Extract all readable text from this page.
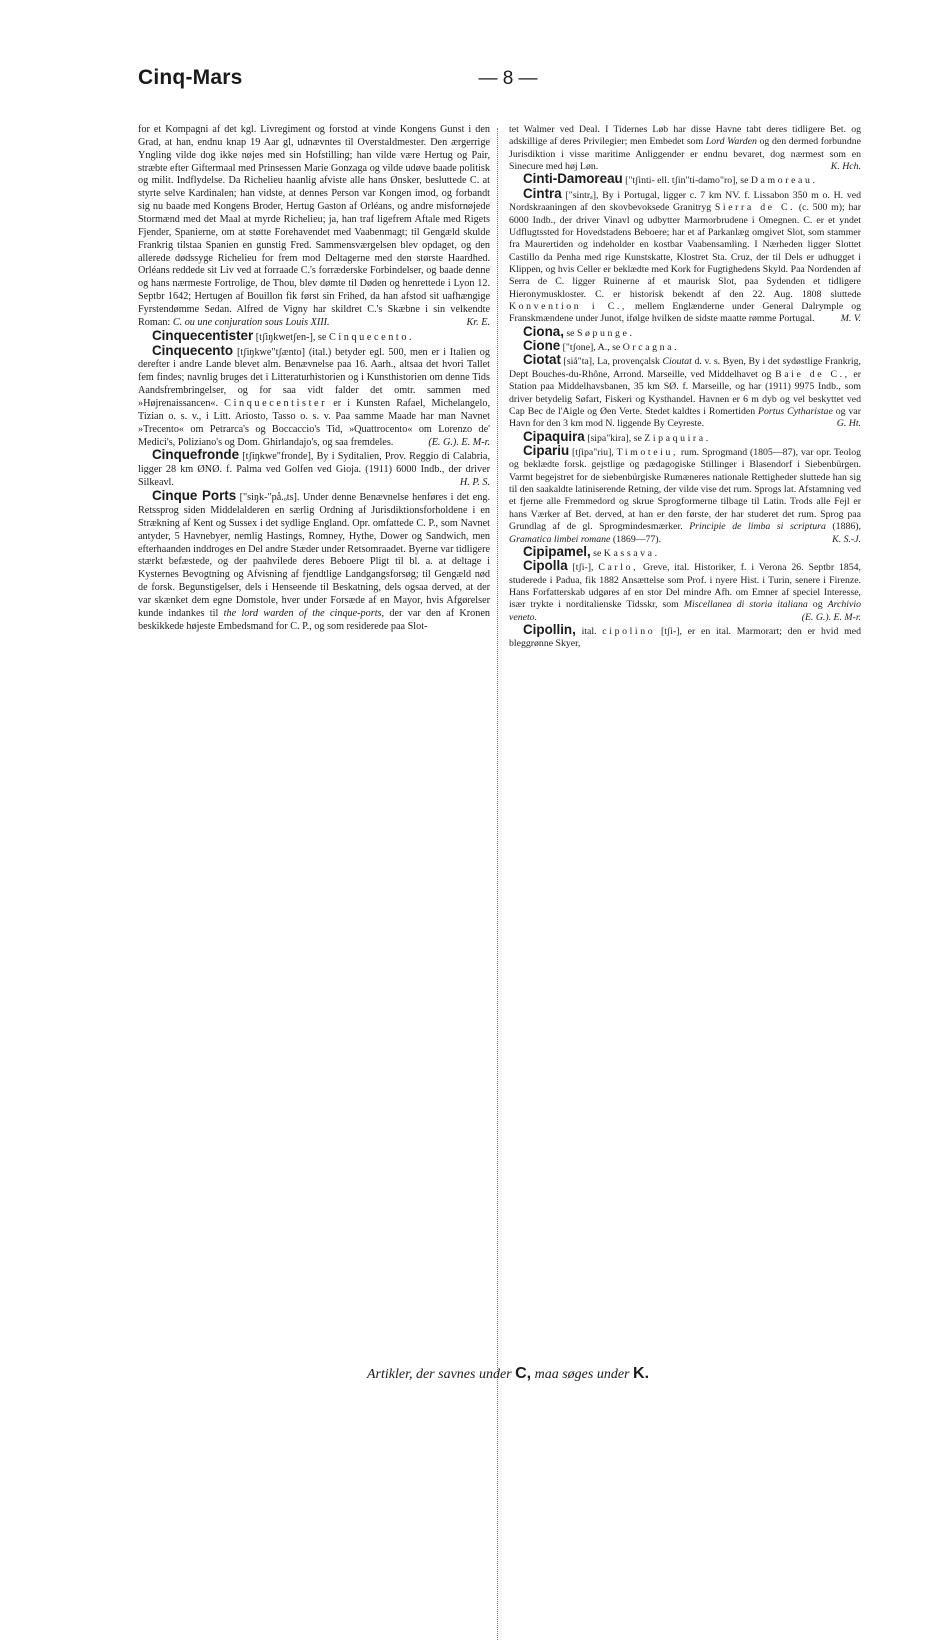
Cinq-Mars	— 8 —

for et Kompagni af det kgl. Livregiment og forstod at vinde Kongens Gunst i den Grad, at han, endnu knap 19 Aar gl, udnævntes til Overstaldmester. Den ærgerrige Yngling vilde dog ikke nøjes med sin Hofstilling; han vilde være Hertug og Pair, stræbte efter Giftermaal med Prinsessen Marie Gonzaga og vilde udøve baade politisk og milit. Indflydelse. Da Richelieu haanlig afviste alle hans Ønsker, besluttede C. at styrte selve Kardinalen; han vidste, at dennes Person var Kongen imod, og forbandt sig nu baade med Kongens Broder, Hertug Gaston af Orléans, og andre misfornøjede Stormænd med det Maal at myrde Richelieu; ja, han traf ligefrem Aftale med Rigets Fjender, Spanierne, om at støtte Forehavendet med Vaabenmagt; til Gengæld skulde Frankrig tilstaa Spanien en gunstig Fred. Sammensværgelsen blev opdaget, og den allerede dødssyge Richelieu for frem mod Deltagerne med den største Haardhed. Orléans reddede sit Liv ved at forraade C.'s forræderske Forbindelser, og baade denne og hans nærmeste Fortrolige, de Thou, blev dømte til Døden og henrettede i Lyon 12. Septbr 1642; Hertugen af Bouillon fik først sin Frihed, da han afstod sit uafhængige Fyrstendømme Sedan. Alfred de Vigny har skildret C.'s Skæbne i sin velkendte Roman: C. ou une conjuration sous Louis XIII.	Kr. E.

Cinquecentister [tʃiŋkwetʃen-], se Cinquecento.

Cinquecento [tʃiŋkwe"tʃænto] (ital.) betyder egl. 500, men er i Italien og derefter i andre Lande blevet alm. Benævnelse paa 16. Aarh., altsaa det hvori Tallet fem findes; navnlig bruges det i Litteraturhistorien og i Kunsthistorien om denne Tids Aandsfrembringelser, og for saa vidt falder det omtr. sammen med »Højrenaissancen«. Cinquecentister er i Kunsten Rafael, Michelangelo, Tizian o. s. v., i Litt. Ariosto, Tasso o. s. v. Paa samme Maade har man Navnet »Trecento« om Petrarca's og Boccaccio's Tid, »Quattrocento« om Lorenzo de' Medici's, Poliziano's og Dom. Ghirlandajo's, og saa fremdeles.	(E. G.). E. M-r.

Cinquefronde [tʃiŋkwe"fronde], By i Syditalien, Prov. Reggio di Calabria, ligger 28 km ØNØ. f. Palma ved Golfen ved Gioja. (1911) 6000 Indb., der driver Silkeavl.	H. P. S.

Cinque Ports ["siŋk-"på.ₒts]. Under denne Benævnelse henføres i det eng. Retssprog siden Middelalderen en særlig Ordning af Jurisdiktionsforholdene i en Strækning af Kent og Sussex i det sydlige England. Opr. omfattede C. P., som Navnet antyder, 5 Havnebyer, nemlig Hastings, Romney, Hythe, Dower og Sandwich, men efterhaanden inddroges en Del andre Stæder under Retsomraadet. Byerne var tidligere stærkt befæstede, og der paahvilede deres Beboere Pligt til bl. a. at deltage i Kysternes Bevogtning og Afvisning af fjendtlige Landgangsforsøg; til Gengæld nød de forsk. Begunstigelser, dels i Henseende til Beskatning, dels ogsaa derved, at der var skænket dem egne Domstole, hver under Forsæde af en Mayor, hvis Afgørelser kunde indankes til the lord warden of the cinque-ports, der var den af Kronen beskikkede højeste Embedsmand for C. P., og som residerede paa Slot-

tet Walmer ved Deal. I Tidernes Løb har disse Havne tabt deres tidligere Bet. og adskillige af deres Privilegier; men Embedet som Lord Warden og den dermed forbundne Jurisdiktion i visse maritime Anliggender er endnu bevaret, dog nærmest som en Sinecure med høj Løn.	K. Hch.

Cinti-Damoreau ["tʃinti- ell. tʃin"ti-damo"ro], se Damoreau.

Cintra ["sintrₐ], By i Portugal, ligger c. 7 km NV. f. Lissabon 350 m o. H. ved Nordskraaningen af den skovbevoksede Granitryg Sierra de C. (c. 500 m); har 6000 Indb., der driver Vinavl og udbytter Marmorbrudene i Omegnen. C. er et yndet Udflugtssted for Hovedstadens Beboere; har et af Parkanlæg omgivet Slot, som stammer fra Maurertiden og indeholder en kostbar Vaabensamling. I Nærheden ligger Slottet Castillo da Penha med rige Kunstskatte, Klostret Sta. Cruz, der til Dels er udhugget i Klippen, og hvis Celler er beklædte med Kork for Fugtighedens Skyld. Paa Nordenden af Serra de C. ligger Ruinerne af et maurisk Slot, paa Sydenden et tidligere Hieronymuskloster. C. er historisk bekendt af den 22. Aug. 1808 sluttede Konvention i C., mellem Englænderne under General Dalrymple og Franskmændene under Junot, ifølge hvilken de sidste maatte rømme Portugal.	M. V.

Ciona, se Søpunge.

Cione ["tʃone], A., se Orcagna.

Ciotat [siå"ta], La, provençalsk Cioutat d. v. s. Byen, By i det sydøstlige Frankrig, Dept Bouches-du-Rhône, Arrond. Marseille, ved Middelhavet og Baie de C., er Station paa Middelhavsbanen, 35 km SØ. f. Marseille, og har (1911) 9975 Indb., som driver betydelig Søfart, Fiskeri og Kysthandel. Havnen er 6 m dyb og vel beskyttet ved Cap Bec de l'Aigle og Øen Verte. Stedet kaldtes i Romertiden Portus Cytharistae og var Havn for den 3 km mod N. liggende By Ceyreste.	G. Ht.

Cipaquira [sipa"kira], se Zipaquira.

Cipariu [tʃipa"riu], Timoteiu, rum. Sprogmand (1805—87), var opr. Teolog og beklædte forsk. gejstlige og pædagogiske Stillinger i Blasendorf i Siebenbürgen. Varmt begejstret for de siebenbürgiske Rumæneres nationale Rettigheder sluttede han sig til den saakaldte latiniserende Retning, der vilde vise det rum. Sprogs lat. Afstamning ved et fjerne alle Fremmedord og skrue Sprogformerne tilbage til Latin. Trods alle Fejl er hans Værker af Bet. derved, at han er den første, der har studeret det rum. Sprog paa Grundlag af de gl. Sprogmindesmærker. Principie de limba si scriptura (1886), Gramatica limbei romane (1869—77).	K. S.-J.

Cipipamel, se Kassava.

Cipolla [tʃi-], Carlo, Greve, ital. Historiker, f. i Verona 26. Septbr 1854, studerede i Padua, fik 1882 Ansættelse som Prof. i nyere Hist. i Turin, senere i Firenze. Hans Forfatterskab udgøres af en stor Del mindre Afh. om Emner af speciel Interesse, især trykte i norditalienske Tidsskr, som Miscellanea di storia italiana og Archivio veneto.	(E. G.). E. M-r.

Cipollin, ital. cipolino [tʃi-], er en ital. Marmorart; den er hvid med bleggrønne Skyer,

Artikler, der savnes under C, maa søges under K.
